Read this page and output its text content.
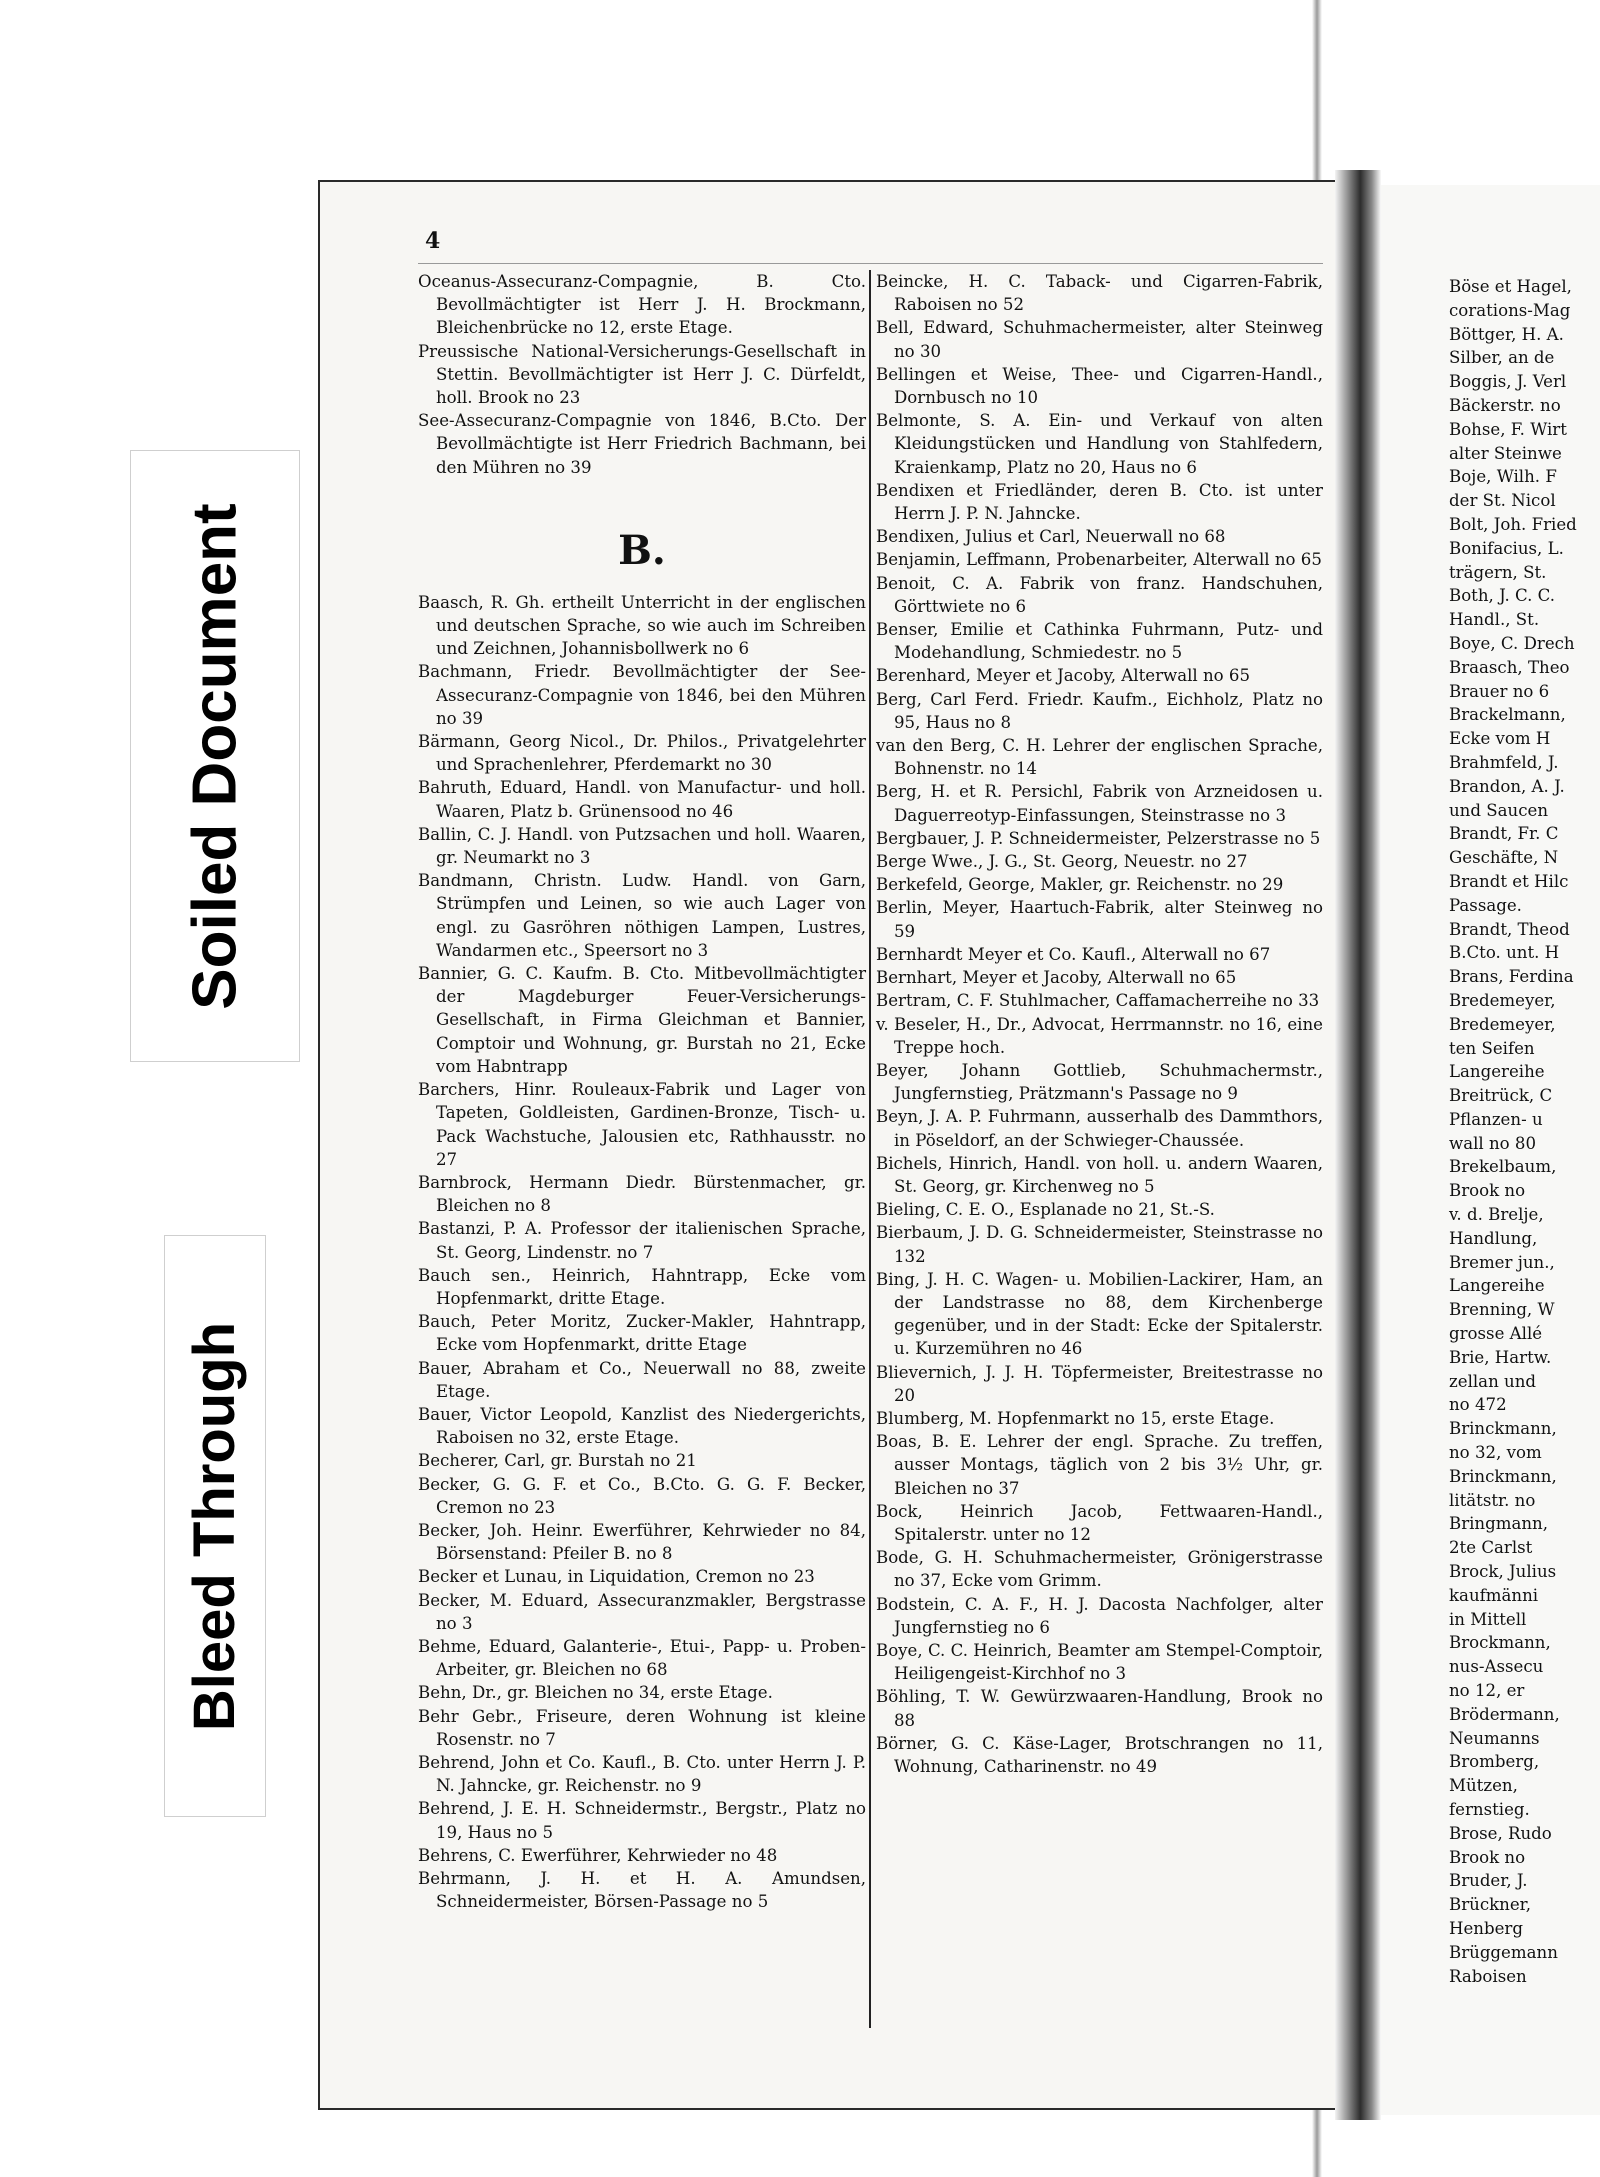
Soiled Document
Bleed Through
4
Oceanus-Assecuranz-Compagnie, B. Cto. Bevollmächtigter ist Herr J. H. Brockmann, Bleichenbrücke no 12, erste Etage.
Preussische National-Versicherungs-Gesellschaft in Stettin. Bevollmächtigter ist Herr J. C. Dürfeldt, holl. Brook no 23
See-Assecuranz-Compagnie von 1846, B.Cto. Der Bevollmächtigte ist Herr Friedrich Bachmann, bei den Mühren no 39
B.
Baasch, R. Gh. ertheilt Unterricht in der englischen und deutschen Sprache, so wie auch im Schreiben und Zeichnen, Johannisbollwerk no 6
Bachmann, Friedr. Bevollmächtigter der See-Assecuranz-Compagnie von 1846, bei den Mühren no 39
Bärmann, Georg Nicol., Dr. Philos., Privatgelehrter und Sprachenlehrer, Pferdemarkt no 30
Bahruth, Eduard, Handl. von Manufactur- und holl. Waaren, Platz b. Grünensood no 46
Ballin, C. J. Handl. von Putzsachen und holl. Waaren, gr. Neumarkt no 3
Bandmann, Christn. Ludw. Handl. von Garn, Strümpfen und Leinen, so wie auch Lager von engl. zu Gasröhren nöthigen Lampen, Lustres, Wandarmen etc., Speersort no 3
Bannier, G. C. Kaufm. B. Cto. Mitbevollmächtigter der Magdeburger Feuer-Versicherungs-Gesellschaft, in Firma Gleichman et Bannier, Comptoir und Wohnung, gr. Burstah no 21, Ecke vom Habntrapp
Barchers, Hinr. Rouleaux-Fabrik und Lager von Tapeten, Goldleisten, Gardinen-Bronze, Tisch- u. Pack Wachstuche, Jalousien etc, Rathhausstr. no 27
Barnbrock, Hermann Diedr. Bürstenmacher, gr. Bleichen no 8
Bastanzi, P. A. Professor der italienischen Sprache, St. Georg, Lindenstr. no 7
Bauch sen., Heinrich, Hahntrapp, Ecke vom Hopfenmarkt, dritte Etage.
Bauch, Peter Moritz, Zucker-Makler, Hahntrapp, Ecke vom Hopfenmarkt, dritte Etage
Bauer, Abraham et Co., Neuerwall no 88, zweite Etage.
Bauer, Victor Leopold, Kanzlist des Niedergerichts, Raboisen no 32, erste Etage.
Becherer, Carl, gr. Burstah no 21
Becker, G. G. F. et Co., B.Cto. G. G. F. Becker, Cremon no 23
Becker, Joh. Heinr. Ewerführer, Kehrwieder no 84, Börsenstand: Pfeiler B. no 8
Becker et Lunau, in Liquidation, Cremon no 23
Becker, M. Eduard, Assecuranzmakler, Bergstrasse no 3
Behme, Eduard, Galanterie-, Etui-, Papp- u. Proben-Arbeiter, gr. Bleichen no 68
Behn, Dr., gr. Bleichen no 34, erste Etage.
Behr Gebr., Friseure, deren Wohnung ist kleine Rosenstr. no 7
Behrend, John et Co. Kaufl., B. Cto. unter Herrn J. P. N. Jahncke, gr. Reichenstr. no 9
Behrend, J. E. H. Schneidermstr., Bergstr., Platz no 19, Haus no 5
Behrens, C. Ewerführer, Kehrwieder no 48
Behrmann, J. H. et H. A. Amundsen, Schneidermeister, Börsen-Passage no 5
Beincke, H. C. Taback- und Cigarren-Fabrik, Raboisen no 52
Bell, Edward, Schuhmachermeister, alter Steinweg no 30
Bellingen et Weise, Thee- und Cigarren-Handl., Dornbusch no 10
Belmonte, S. A. Ein- und Verkauf von alten Kleidungstücken und Handlung von Stahlfedern, Kraienkamp, Platz no 20, Haus no 6
Bendixen et Friedländer, deren B. Cto. ist unter Herrn J. P. N. Jahncke.
Bendixen, Julius et Carl, Neuerwall no 68
Benjamin, Leffmann, Probenarbeiter, Alterwall no 65
Benoit, C. A. Fabrik von franz. Handschuhen, Görttwiete no 6
Benser, Emilie et Cathinka Fuhrmann, Putz- und Modehandlung, Schmiedestr. no 5
Berenhard, Meyer et Jacoby, Alterwall no 65
Berg, Carl Ferd. Friedr. Kaufm., Eichholz, Platz no 95, Haus no 8
van den Berg, C. H. Lehrer der englischen Sprache, Bohnenstr. no 14
Berg, H. et R. Persichl, Fabrik von Arzneidosen u. Daguerreotyp-Einfassungen, Steinstrasse no 3
Bergbauer, J. P. Schneidermeister, Pelzerstrasse no 5
Berge Wwe., J. G., St. Georg, Neuestr. no 27
Berkefeld, George, Makler, gr. Reichenstr. no 29
Berlin, Meyer, Haartuch-Fabrik, alter Steinweg no 59
Bernhardt Meyer et Co. Kaufl., Alterwall no 67
Bernhart, Meyer et Jacoby, Alterwall no 65
Bertram, C. F. Stuhlmacher, Caffamacherreihe no 33
v. Beseler, H., Dr., Advocat, Herrmannstr. no 16, eine Treppe hoch.
Beyer, Johann Gottlieb, Schuhmachermstr., Jungfernstieg, Prätzmann's Passage no 9
Beyn, J. A. P. Fuhrmann, ausserhalb des Dammthors, in Pöseldorf, an der Schwieger-Chaussée.
Bichels, Hinrich, Handl. von holl. u. andern Waaren, St. Georg, gr. Kirchenweg no 5
Bieling, C. E. O., Esplanade no 21, St.-S.
Bierbaum, J. D. G. Schneidermeister, Steinstrasse no 132
Bing, J. H. C. Wagen- u. Mobilien-Lackirer, Ham, an der Landstrasse no 88, dem Kirchenberge gegenüber, und in der Stadt: Ecke der Spitalerstr. u. Kurzemühren no 46
Blievernich, J. J. H. Töpfermeister, Breitestrasse no 20
Blumberg, M. Hopfenmarkt no 15, erste Etage.
Boas, B. E. Lehrer der engl. Sprache. Zu treffen, ausser Montags, täglich von 2 bis 3½ Uhr, gr. Bleichen no 37
Bock, Heinrich Jacob, Fettwaaren-Handl., Spitalerstr. unter no 12
Bode, G. H. Schuhmachermeister, Grönigerstrasse no 37, Ecke vom Grimm.
Bodstein, C. A. F., H. J. Dacosta Nachfolger, alter Jungfernstieg no 6
Boye, C. C. Heinrich, Beamter am Stempel-Comptoir, Heiligengeist-Kirchhof no 3
Böhling, T. W. Gewürzwaaren-Handlung, Brook no 88
Börner, G. C. Käse-Lager, Brotschrangen no 11, Wohnung, Catharinenstr. no 49
Böse et Hagel,
corations-Mag
Böttger, H. A.
Silber, an de
Boggis, J. Verl
Bäckerstr. no
Bohse, F. Wirt
alter Steinwe
Boje, Wilh. F
der St. Nicol
Bolt, Joh. Fried
Bonifacius, L.
trägern, St.
Both, J. C. C.
Handl., St.
Boye, C. Drech
Braasch, Theo
Brauer no 6
Brackelmann,
Ecke vom H
Brahmfeld, J.
Brandon, A. J.
und Saucen
Brandt, Fr. C
Geschäfte, N
Brandt et Hilc
Passage.
Brandt, Theod
B.Cto. unt. H
Brans, Ferdina
Bredemeyer,
Bredemeyer,
ten Seifen
Langereihe
Breitrück, C
Pflanzen- u
wall no 80
Brekelbaum,
Brook no
v. d. Brelje,
Handlung,
Bremer jun.,
Langereihe
Brenning, W
grosse Allé
Brie, Hartw.
zellan und
no 472
Brinckmann,
no 32, vom
Brinckmann,
litätstr. no
Bringmann,
2te Carlst
Brock, Julius
kaufmänni
in Mittell
Brockmann,
nus-Assecu
no 12, er
Brödermann,
Neumanns
Bromberg,
Mützen,
fernstieg.
Brose, Rudo
Brook no
Bruder, J.
Brückner,
Henberg
Brüggemann
Raboisen
